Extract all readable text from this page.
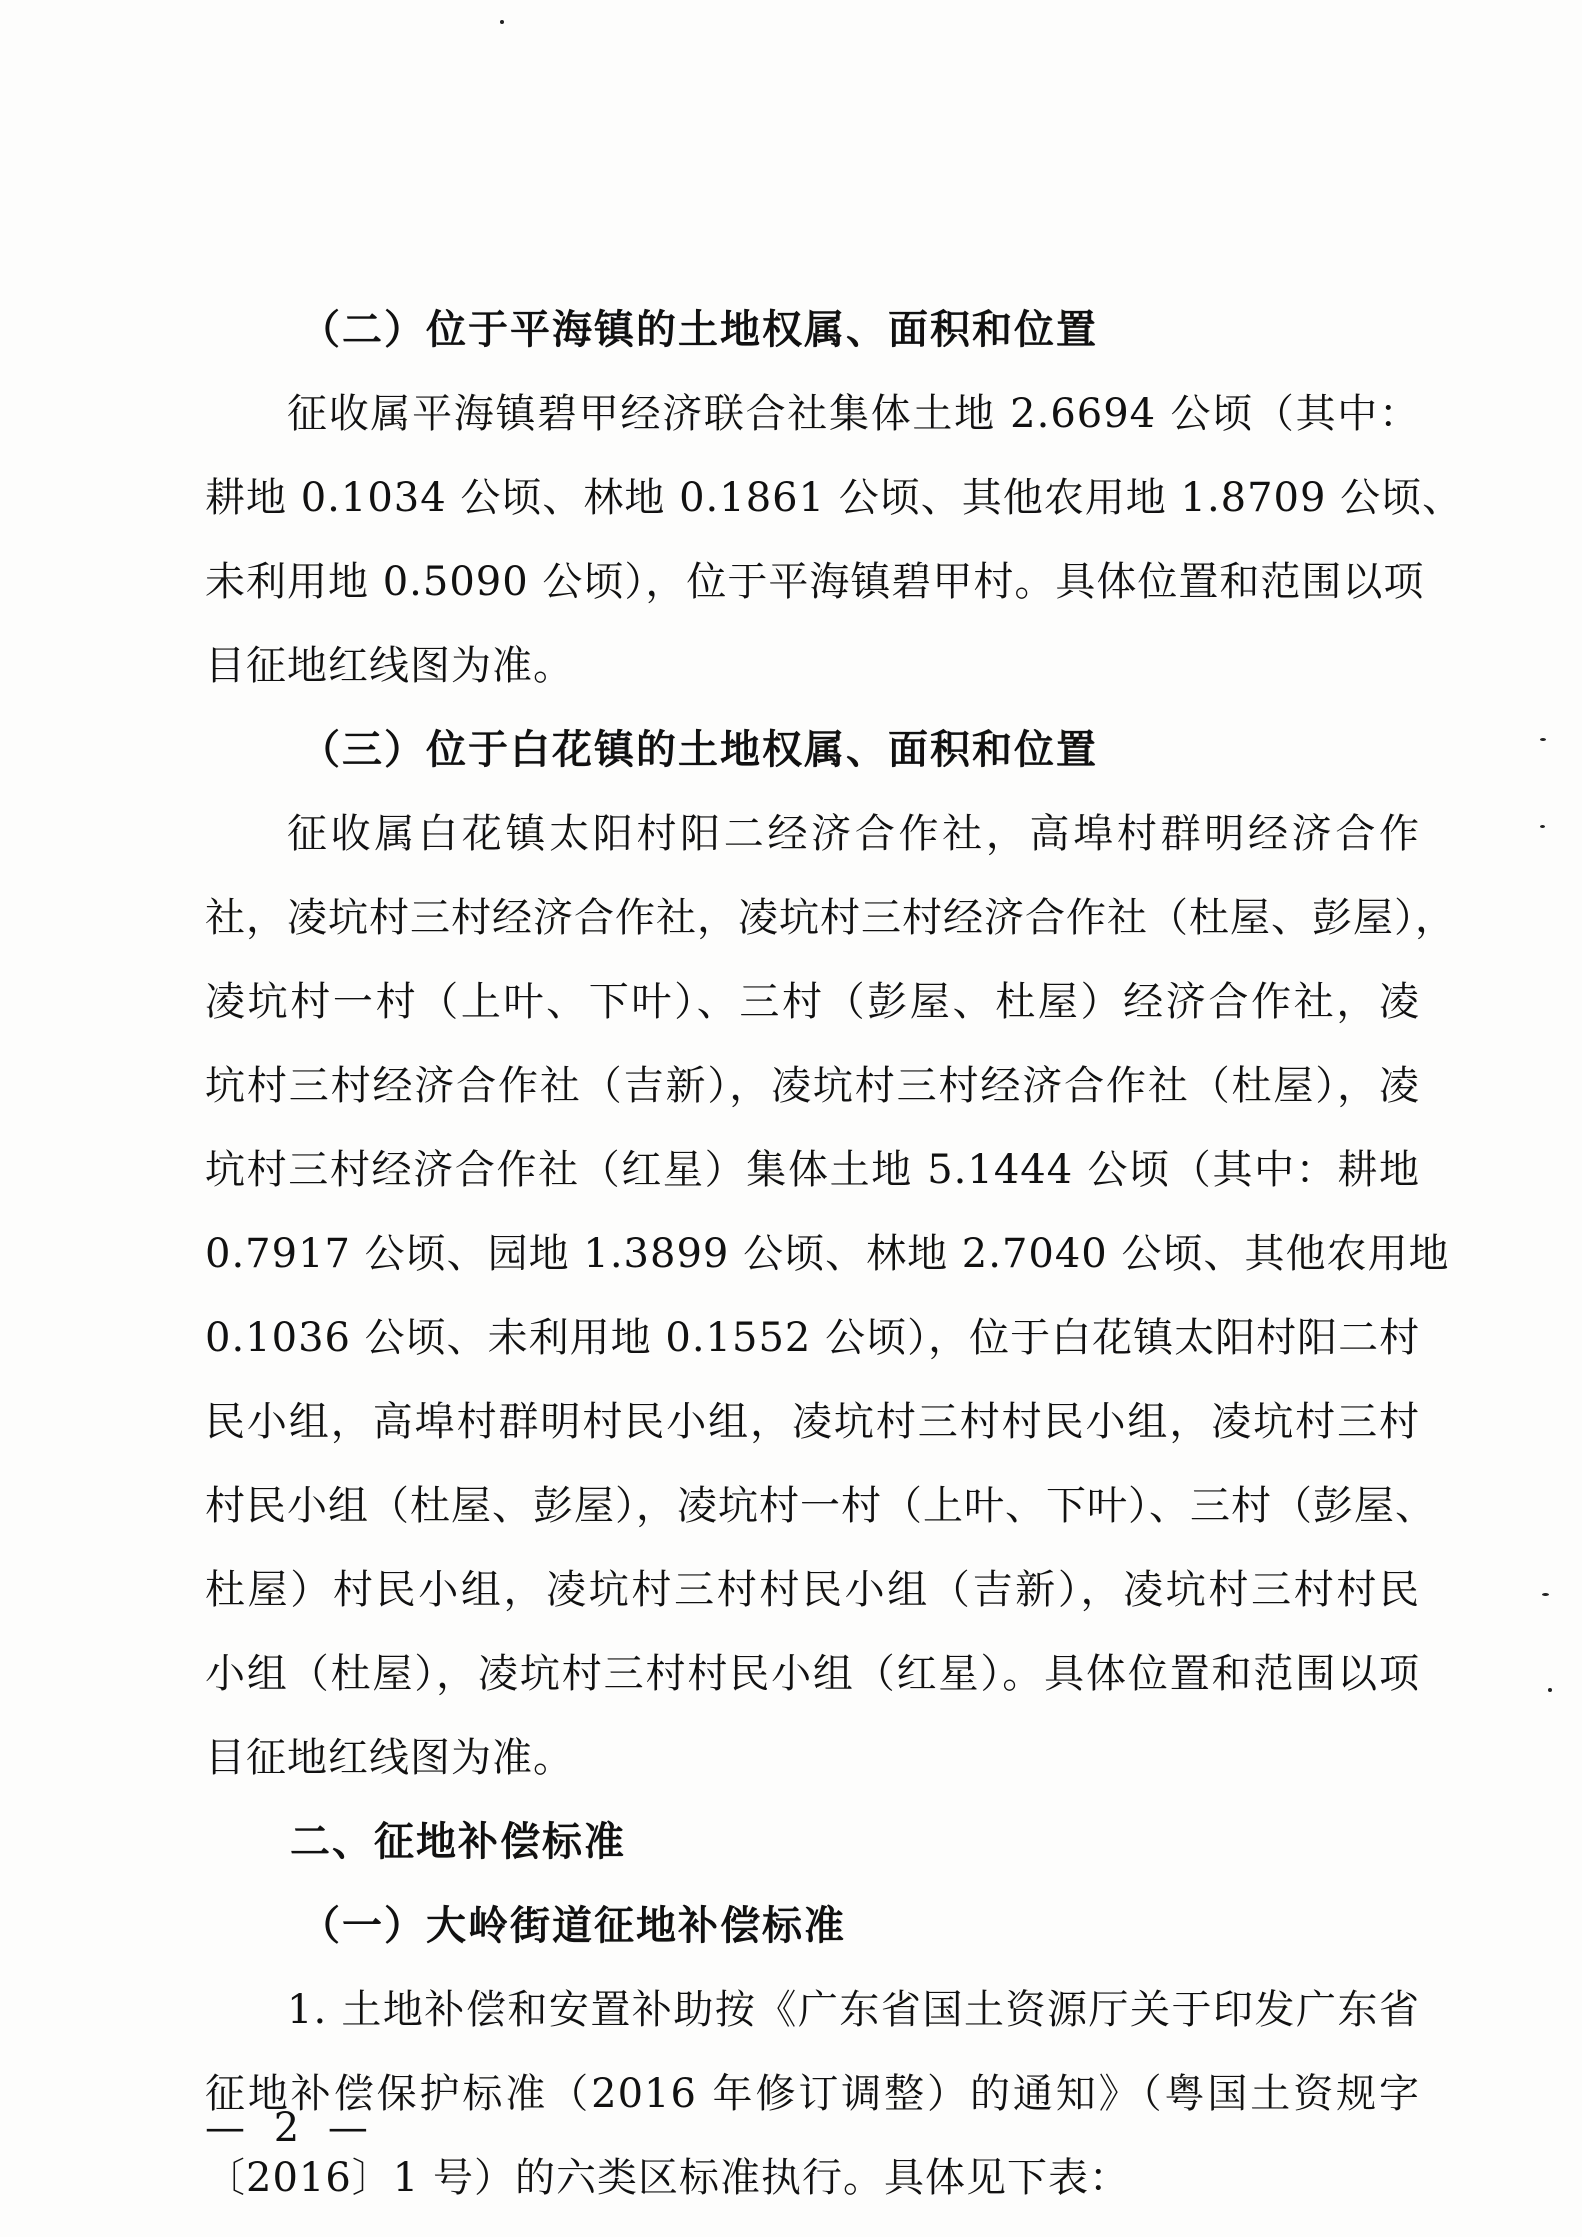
（二）位于平海镇的土地权属、面积和位置
征收属平海镇碧甲经济联合社集体土地 2.6694 公顷（其中：
耕地 0.1034 公顷、林地 0.1861 公顷、其他农用地 1.8709 公顷、
未利用地 0.5090 公顷），位于平海镇碧甲村。具体位置和范围以项
目征地红线图为准。
（三）位于白花镇的土地权属、面积和位置
征收属白花镇太阳村阳二经济合作社，高埠村群明经济合作
社，凌坑村三村经济合作社，凌坑村三村经济合作社（杜屋、彭屋），
凌坑村一村（上叶、下叶）、三村（彭屋、杜屋）经济合作社，凌
坑村三村经济合作社（吉新），凌坑村三村经济合作社（杜屋），凌
坑村三村经济合作社（红星）集体土地 5.1444 公顷（其中：耕地
0.7917 公顷、园地 1.3899 公顷、林地 2.7040 公顷、其他农用地
0.1036 公顷、未利用地 0.1552 公顷），位于白花镇太阳村阳二村
民小组，高埠村群明村民小组，凌坑村三村村民小组，凌坑村三村
村民小组（杜屋、彭屋），凌坑村一村（上叶、下叶）、三村（彭屋、
杜屋）村民小组，凌坑村三村村民小组（吉新），凌坑村三村村民
小组（杜屋），凌坑村三村村民小组（红星）。具体位置和范围以项
目征地红线图为准。
二、征地补偿标准
（一）大岭街道征地补偿标准
1. 土地补偿和安置补助按《广东省国土资源厅关于印发广东省
征地补偿保护标准（2016 年修订调整）的通知》（粤国土资规字
〔2016〕1 号）的六类区标准执行。具体见下表：
— 2 —
